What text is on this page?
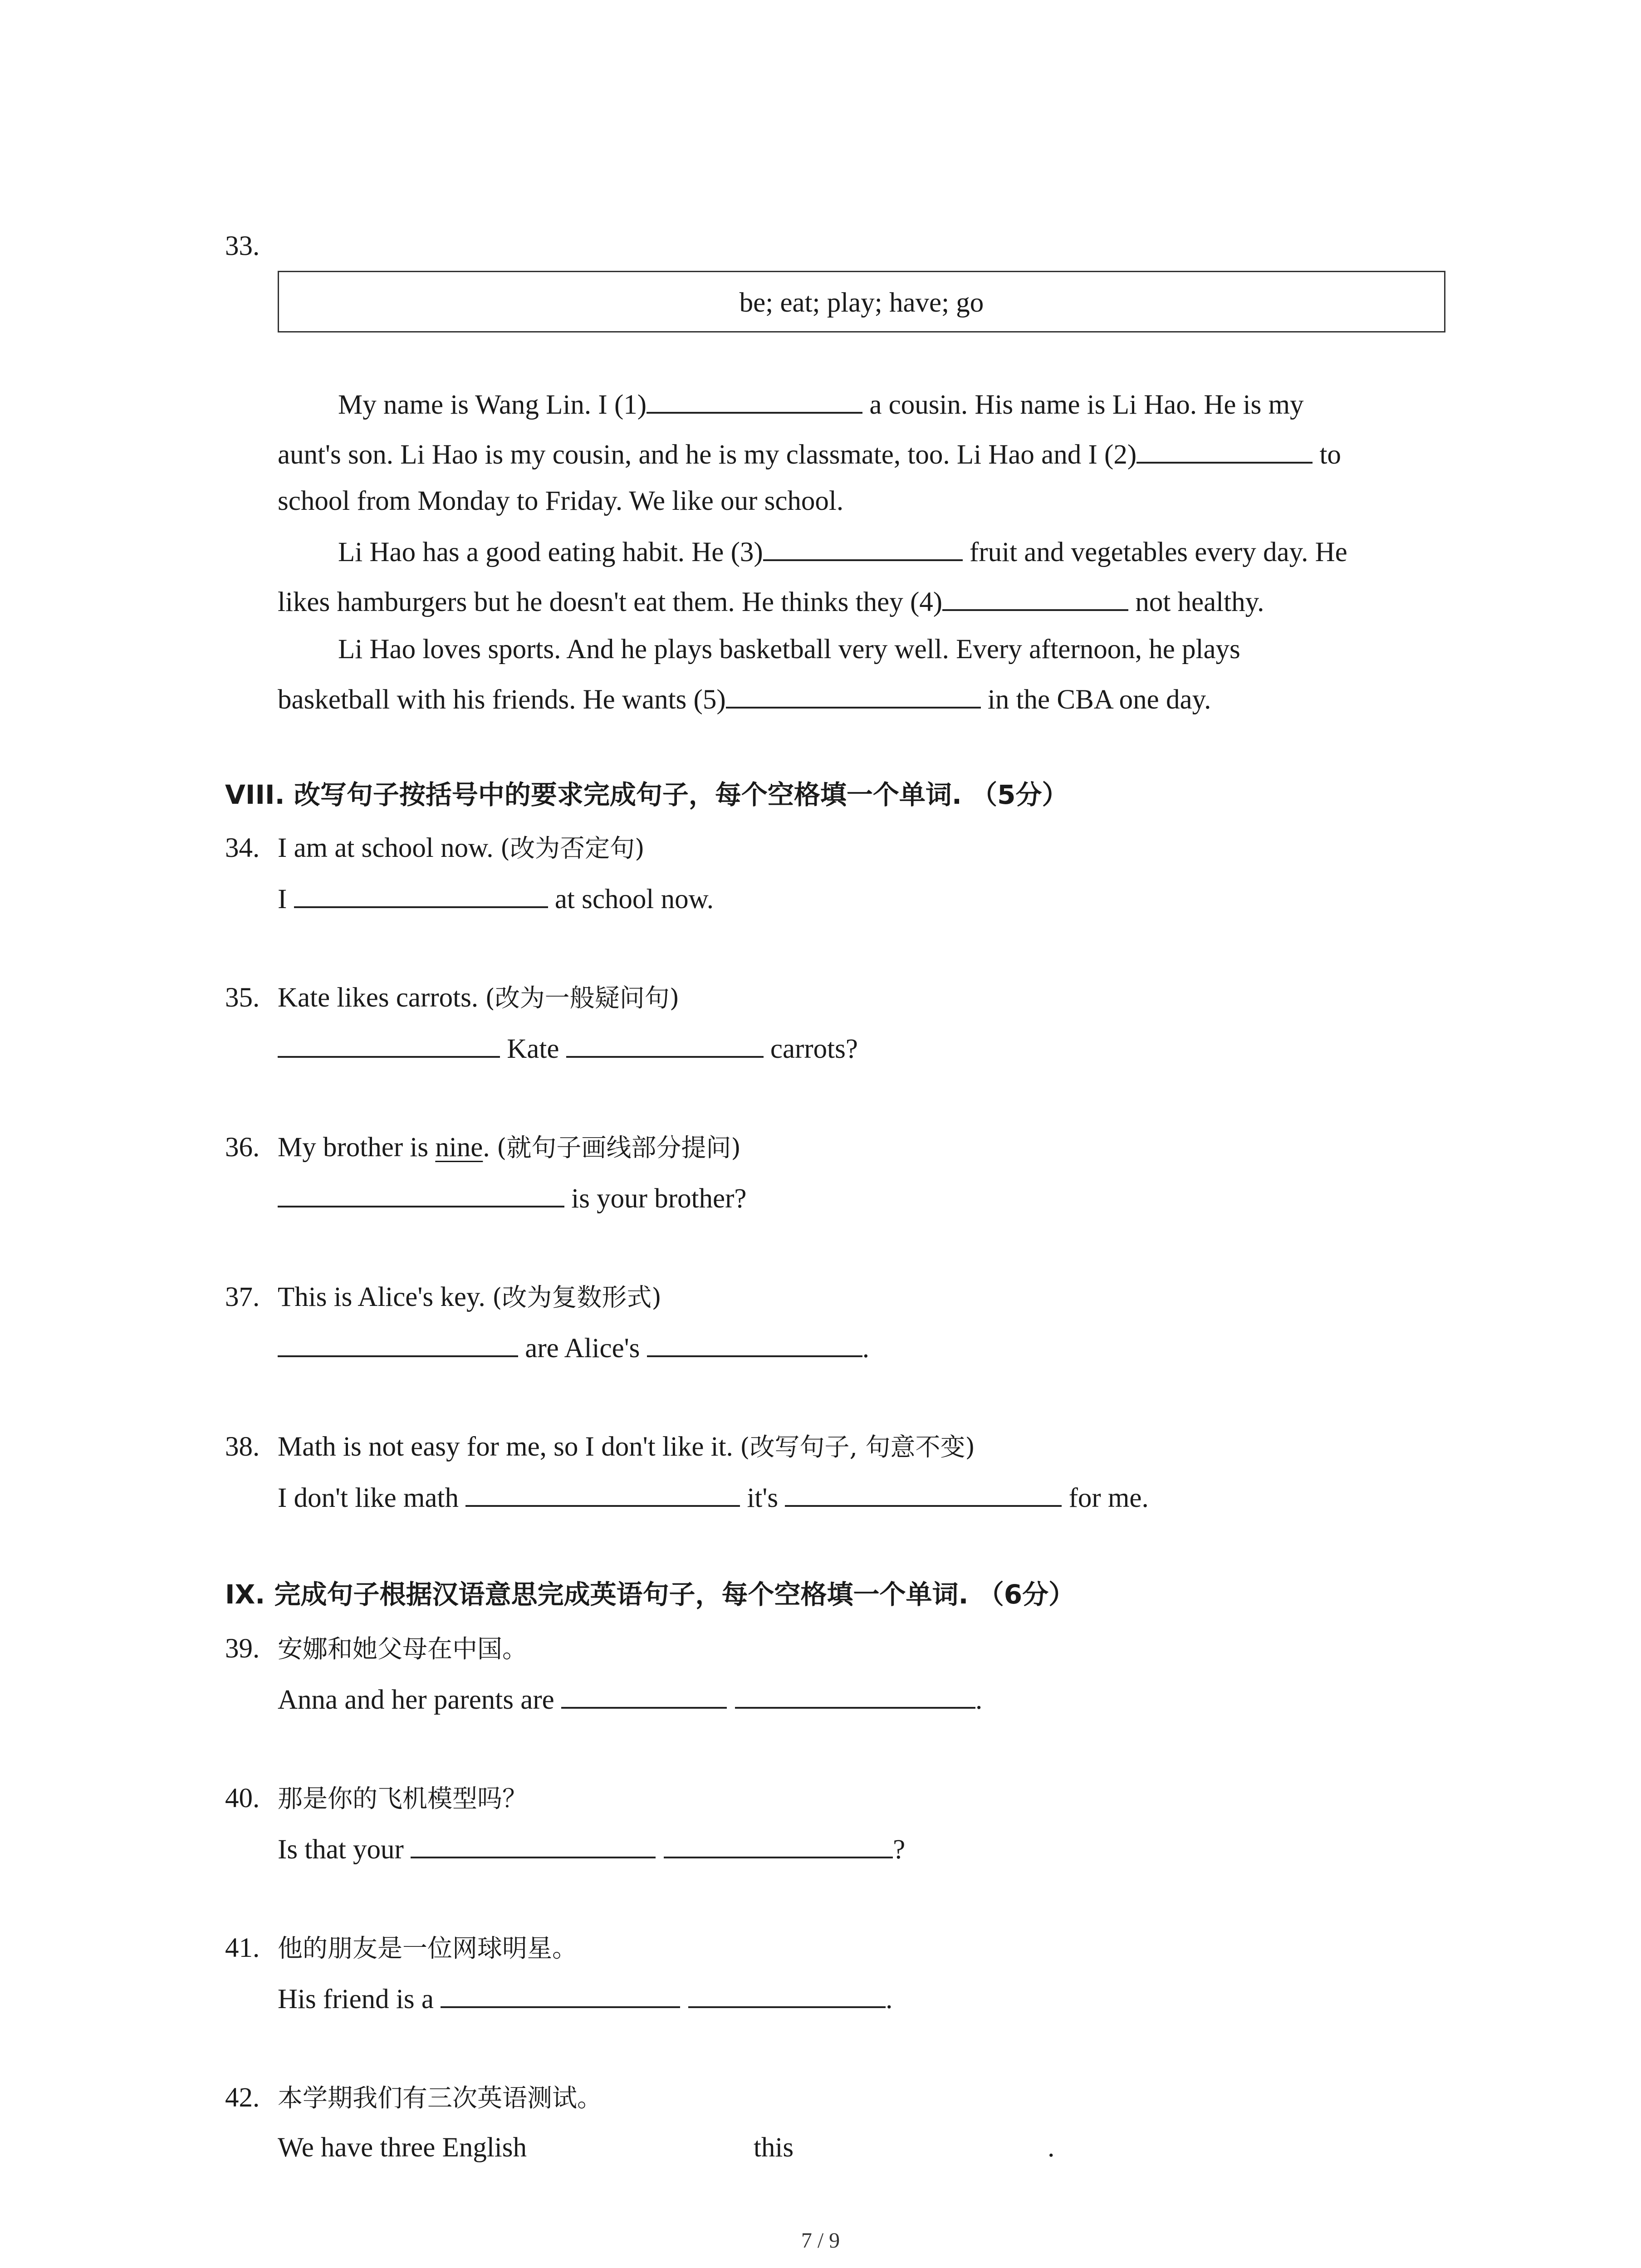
33.
be; eat; play; have; go
My name is Wang Lin. I (1)	a cousin. His name is Li Hao. He is my
aunt's son. Li Hao is my cousin, and he is my classmate, too. Li Hao and I (2)	to
school from Monday to Friday. We like our school.
Li Hao has a good eating habit. He (3)	fruit and vegetables every day. He
likes hamburgers but he doesn't eat them. He thinks they (4)	not healthy.
Li Hao loves sports. And he plays basketball very well. Every afternoon, he plays
basketball with his friends. He wants (5)	in the CBA one day.
VIII. 改写句子按括号中的要求完成句子，每个空格填一个单词. （5分）
34. I am at school now. (改为否定句)
I	at school now.
35. Kate likes carrots. (改为一般疑问句)
Kate	carrots?
36. My brother is nine. (就句子画线部分提问)
is your brother?
37. This is Alice's key. (改为复数形式)
are Alice's	.
38. Math is not easy for me, so I don't like it. (改写句子, 句意不变)
I don't like math	it's	for me.
IX. 完成句子根据汉语意思完成英语句子，每个空格填一个单词. （6分）
39. 安娜和她父母在中国。
Anna and her parents are	.
40. 那是你的飞机模型吗？
Is that your	?
41. 他的朋友是一位网球明星。
His friend is a	.
42. 本学期我们有三次英语测试。
We have three English	this	.
7 / 9
